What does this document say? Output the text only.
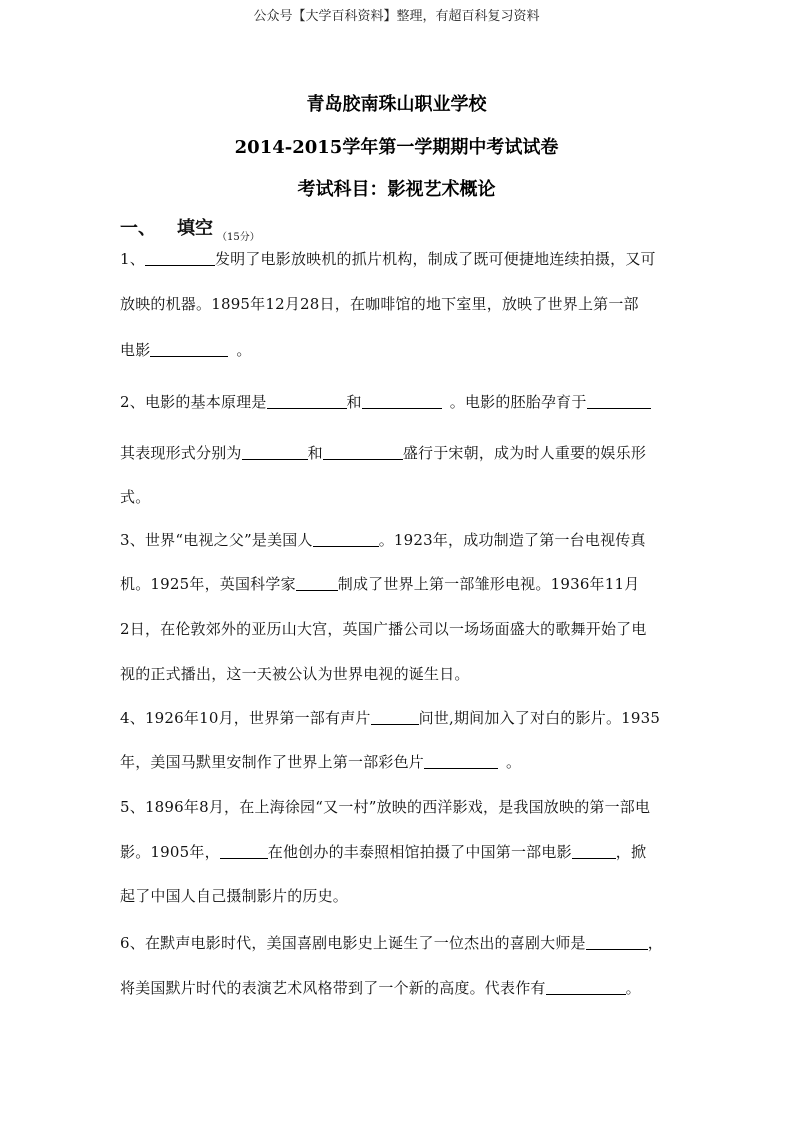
公众号【大学百科资料】整理，有超百科复习资料
青岛胶南珠山职业学校
2014-2015学年第一学期期中考试试卷
考试科目：影视艺术概论
一、 填空 $_{(15分)}$
1、	发明了电影放映机的抓片机构，制成了既可便捷地连续拍摄，又可
放映的机器。1895年12月28日，在咖啡馆的地下室里，放映了世界上第一部
电影	。
2、电影的基本原理是	和	。电影的胚胎孕育于
其表现形式分别为	和	盛行于宋朝，成为时人重要的娱乐形
式。
3、世界“电视之父”是美国人	。1923年，成功制造了第一台电视传真
机。1925年，英国科学家	制成了世界上第一部雏形电视。1936年11月
2日，在伦敦郊外的亚历山大宫，英国广播公司以一场场面盛大的歌舞开始了电
视的正式播出，这一天被公认为世界电视的诞生日。
4、1926年10月，世界第一部有声片	问世,期间加入了对白的影片。1935
年，美国马默里安制作了世界上第一部彩色片	。
5、1896年8月，在上海徐园“又一村”放映的西洋影戏，是我国放映的第一部电
影。1905年，	在他创办的丰泰照相馆拍摄了中国第一部电影	，掀
起了中国人自己摄制影片的历史。
6、在默声电影时代，美国喜剧电影史上诞生了一位杰出的喜剧大师是	，
将美国默片时代的表演艺术风格带到了一个新的高度。代表作有	。
